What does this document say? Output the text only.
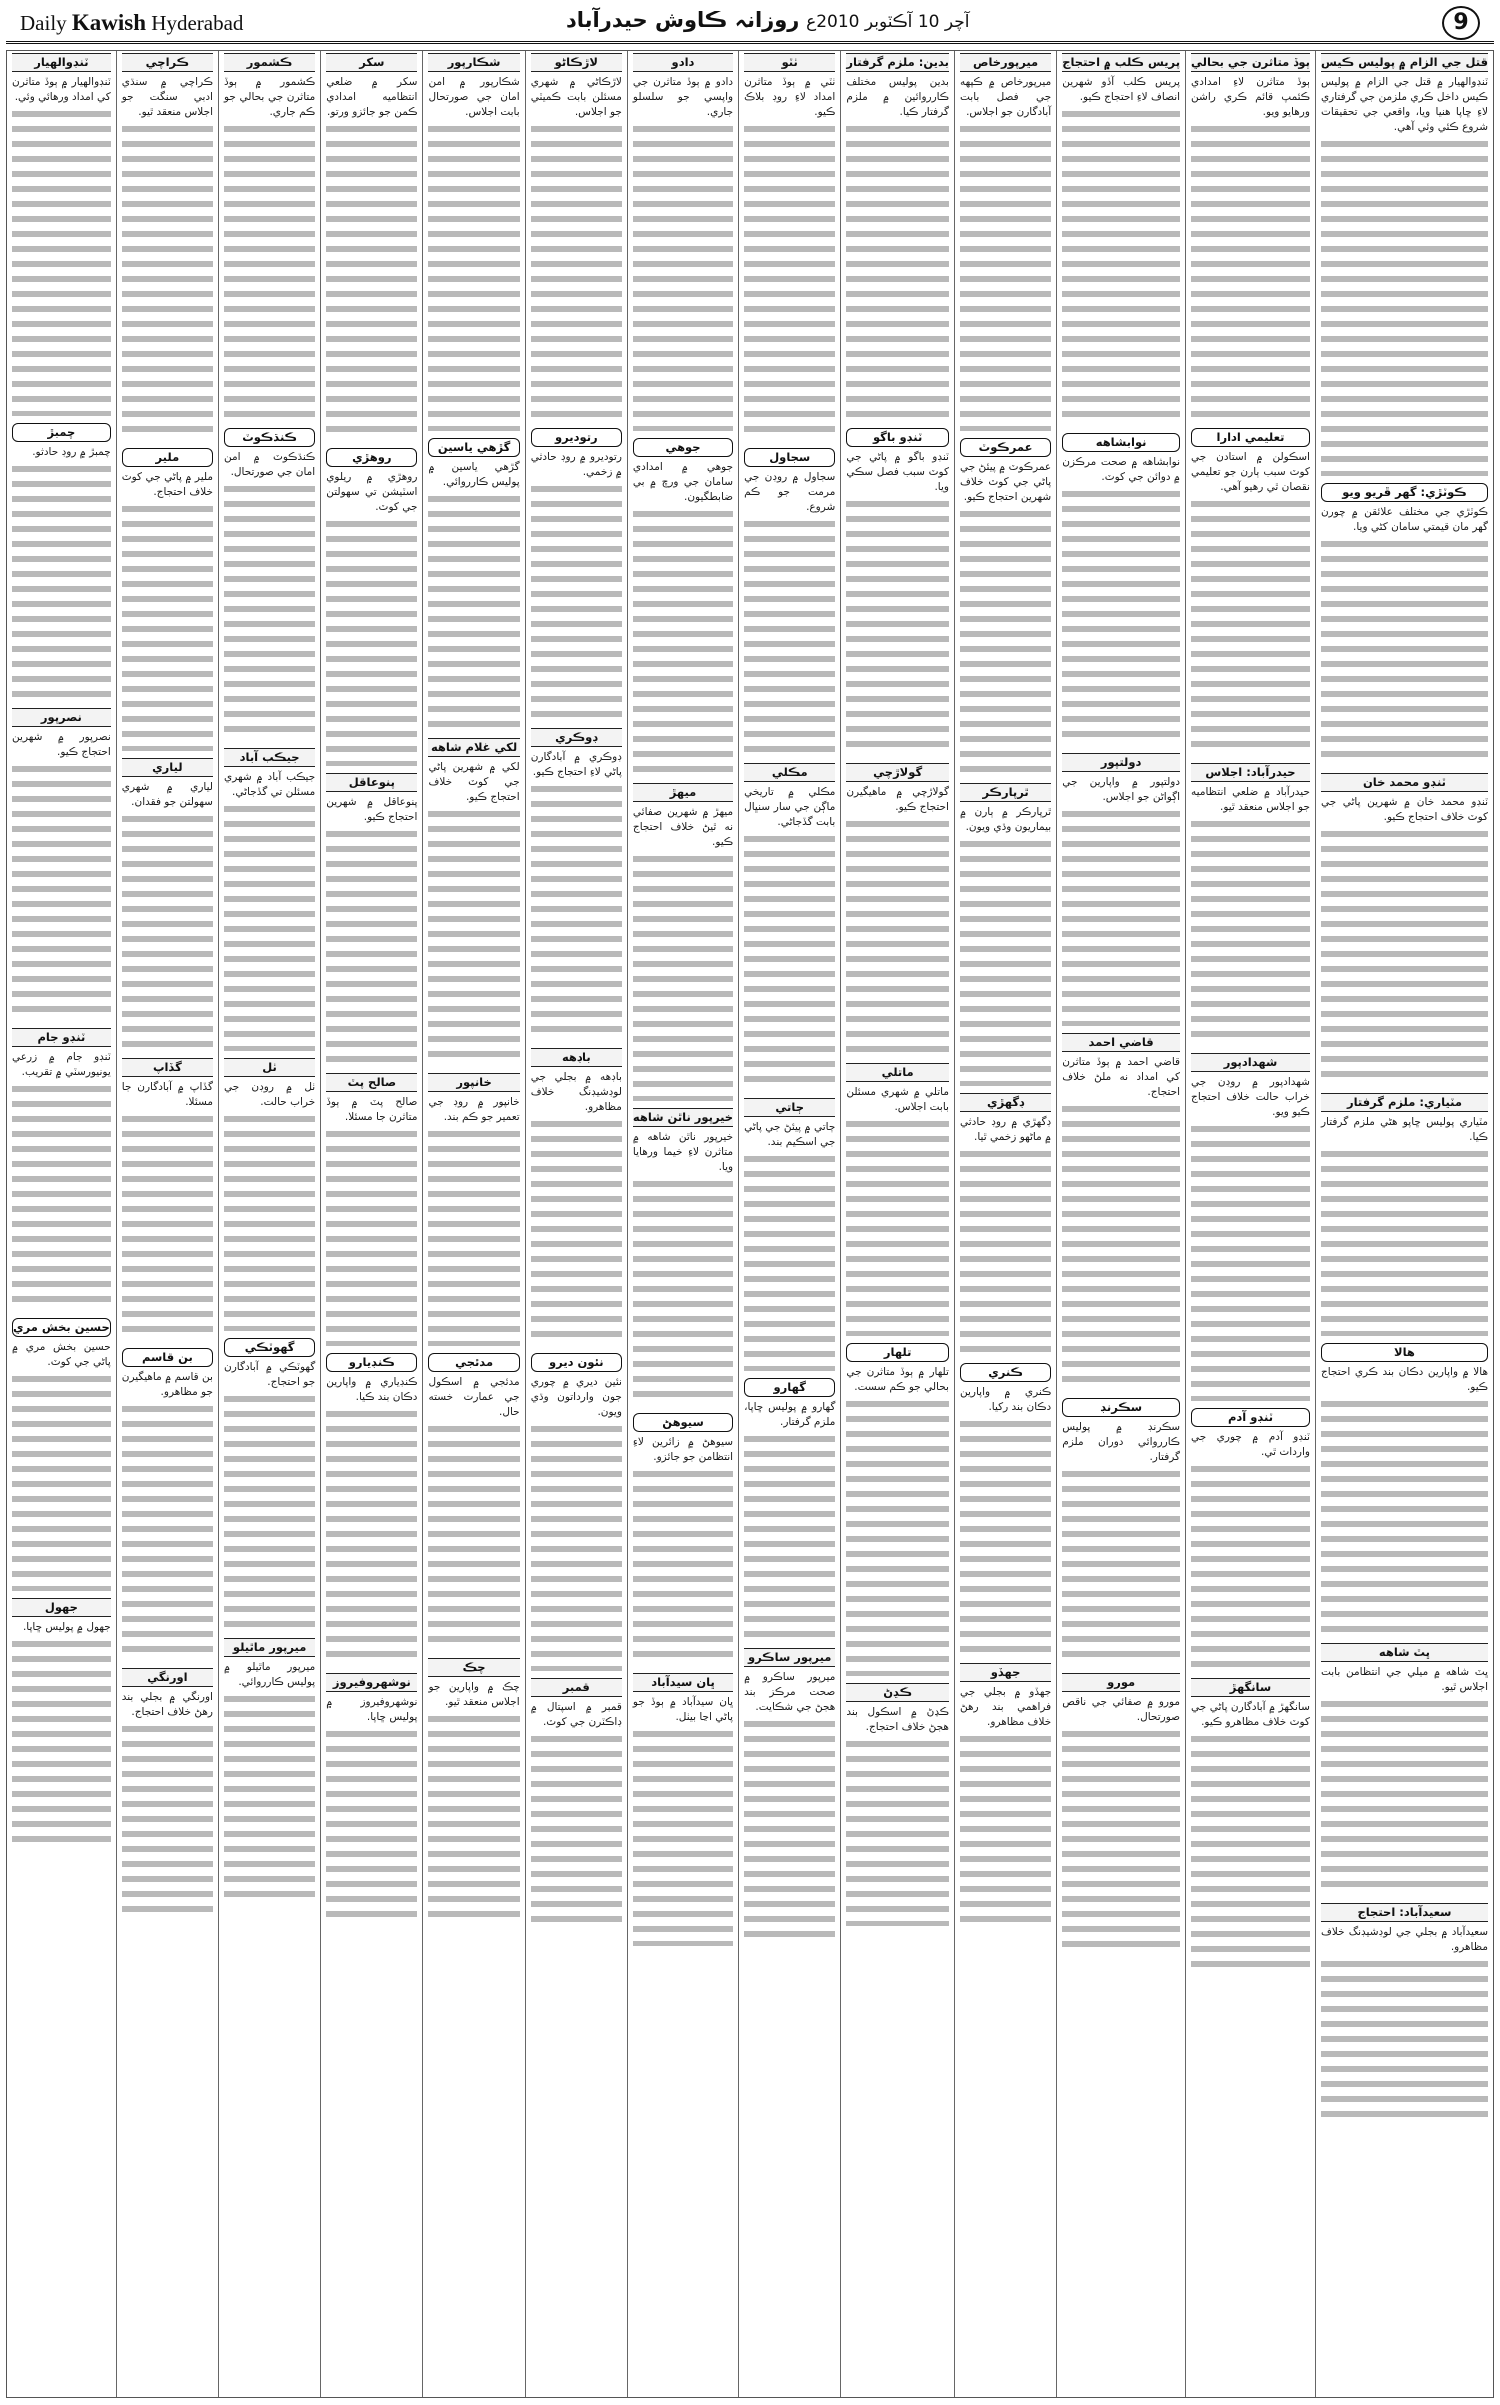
Daily Kawish Hyderabad	آچر 10 آڪٽوبر 2010ع روزانہ ڪاوش حيدرآباد	9
قتل جي الزام ۾ پوليس ڪيس
ٽنڊوالهيار ۾ قتل جي الزام ۾ پوليس ڪيس داخل ڪري ملزمن جي گرفتاري لاءِ ڇاپا هنيا ويا، واقعي جي تحقيقات شروع ڪئي وئي آهي.
ڪوٽڙي: گهر ڦريو ويو
ڪوٽڙي جي مختلف علائقن ۾ چورن گهر مان قيمتي سامان کڻي ويا.
ٽنڊو محمد خان
ٽنڊو محمد خان ۾ شهرين پاڻي جي کوٽ خلاف احتجاج ڪيو.
مٽياري: ملزم گرفتار
مٽياري پوليس ڇاپو هڻي ملزم گرفتار ڪيا.
هالا
هالا ۾ واپارين دڪان بند ڪري احتجاج ڪيو.
ڀٽ شاهه
ڀٽ شاهه ۾ ميلي جي انتظامن بابت اجلاس ٿيو.
سعيدآباد: احتجاج
سعيدآباد ۾ بجلي جي لوڊشيڊنگ خلاف مظاهرو.
ٻوڏ متاثرن جي بحالي
ٻوڏ متاثرن لاءِ امدادي ڪئمپ قائم ڪري راشن ورهايو ويو.
تعليمي ادارا
اسڪولن ۾ استادن جي کوٽ سبب ٻارن جو تعليمي نقصان ٿي رهيو آهي.
حيدرآباد: اجلاس
حيدرآباد ۾ ضلعي انتظاميه جو اجلاس منعقد ٿيو.
شهدادپور
شهدادپور ۾ روڊن جي خراب حالت خلاف احتجاج ڪيو ويو.
ٽنڊو آدم
ٽنڊو آدم ۾ چوري جي واردات ٿي.
سانگهڙ
سانگهڙ ۾ آبادگارن پاڻي جي کوٽ خلاف مظاهرو ڪيو.
پريس ڪلب ۾ احتجاج
پريس ڪلب آڏو شهرين انصاف لاءِ احتجاج ڪيو.
نوابشاهه
نوابشاهه ۾ صحت مرڪزن ۾ دوائن جي کوٽ.
دولتپور
دولتپور ۾ واپارين جي اڳواڻن جو اجلاس.
قاضي احمد
قاضي احمد ۾ ٻوڏ متاثرن کي امداد نه ملڻ خلاف احتجاج.
سڪرنڊ
سڪرنڊ ۾ پوليس ڪارروائي دوران ملزم گرفتار.
مورو
مورو ۾ صفائي جي ناقص صورتحال.
ميرپورخاص
ميرپورخاص ۾ ڪپهه جي فصل بابت آبادگارن جو اجلاس.
عمرڪوٽ
عمرڪوٽ ۾ پيئڻ جي پاڻي جي کوٽ خلاف شهرين احتجاج ڪيو.
ٿرپارڪر
ٿرپارڪر ۾ ٻارن ۾ بيماريون وڌي ويون.
ڊگهڙي
ڊگهڙي ۾ روڊ حادثي ۾ ماڻهو زخمي ٿيا.
ڪنري
ڪنري ۾ واپارين دڪان بند رکيا.
جھڏو
جھڏو ۾ بجلي جي فراهمي بند رهڻ خلاف مظاهرو.
بدين: ملزم گرفتار
بدين پوليس مختلف ڪارروائين ۾ ملزم گرفتار ڪيا.
ٽنڊو باگو
ٽنڊو باگو ۾ پاڻي جي کوٽ سبب فصل سڪي ويا.
گولاڙچي
گولاڙچي ۾ ماهيگيرن احتجاج ڪيو.
ماتلي
ماتلي ۾ شهري مسئلن بابت اجلاس.
تلهار
تلهار ۾ ٻوڏ متاثرن جي بحالي جو ڪم سست.
ڪڍڻ
ڪڍڻ ۾ اسڪول بند هجڻ خلاف احتجاج.
ٺٽو
ٺٽي ۾ ٻوڏ متاثرن امداد لاءِ روڊ بلاڪ ڪيو.
سجاول
سجاول ۾ روڊن جي مرمت جو ڪم شروع.
مڪلي
مڪلي ۾ تاريخي ماڳن جي سار سنڀال بابت گڏجاڻي.
ڄاتي
ڄاتي ۾ پيئڻ جي پاڻي جي اسڪيم بند.
گهارو
گهارو ۾ پوليس ڇاپا، ملزم گرفتار.
ميرپور ساڪرو
ميرپور ساڪرو ۾ صحت مرڪز بند هجڻ جي شڪايت.
دادو
دادو ۾ ٻوڏ متاثرن جي واپسي جو سلسلو جاري.
جوهي
جوهي ۾ امدادي سامان جي ورڇ ۾ بي ضابطگيون.
ميهڙ
ميهڙ ۾ شهرين صفائي نه ٿيڻ خلاف احتجاج ڪيو.
خيرپور ناٿن شاهه
خيرپور ناٿن شاهه ۾ متاثرن لاءِ خيما ورهايا ويا.
سيوهڻ
سيوهڻ ۾ زائرين لاءِ انتظامن جو جائزو.
ڀان سيدآباد
ڀان سيدآباد ۾ ٻوڏ جو پاڻي اڃا بيٺل.
لاڙڪاڻو
لاڙڪاڻي ۾ شهري مسئلن بابت ڪميٽي جو اجلاس.
رتوديرو
رتوديرو ۾ روڊ حادثي ۾ زخمي.
ڊوڪري
ڊوڪري ۾ آبادگارن پاڻي لاءِ احتجاج ڪيو.
باڊهه
باڊهه ۾ بجلي جي لوڊشيڊنگ خلاف مظاهرو.
نئون ديرو
نئين ديري ۾ چوري جون وارداتون وڌي ويون.
قمبر
قمبر ۾ اسپتال ۾ ڊاڪٽرن جي کوٽ.
شڪارپور
شڪارپور ۾ امن امان جي صورتحال بابت اجلاس.
گڙهي ياسين
گڙهي ياسين ۾ پوليس ڪارروائي.
لکي غلام شاهه
لکي ۾ شهرين پاڻي جي کوٽ خلاف احتجاج ڪيو.
خانپور
خانپور ۾ روڊ جي تعمير جو ڪم بند.
مدئجي
مدئجي ۾ اسڪول جي عمارت خسته حال.
چڪ
چڪ ۾ واپارين جو اجلاس منعقد ٿيو.
سکر
سکر ۾ ضلعي انتظاميه امدادي ڪمن جو جائزو ورتو.
روهڙي
روهڙي ۾ ريلوي اسٽيشن تي سهولتن جي کوٽ.
پنوعاقل
پنوعاقل ۾ شهرين احتجاج ڪيو.
صالح پٽ
صالح پٽ ۾ ٻوڏ متاثرن جا مسئلا.
ڪنڊيارو
ڪنڊياري ۾ واپارين دڪان بند ڪيا.
نوشهروفيروز
نوشهروفيروز ۾ پوليس ڇاپا.
ڪشمور
ڪشمور ۾ ٻوڏ متاثرن جي بحالي جو ڪم جاري.
ڪنڌڪوٽ
ڪنڌڪوٽ ۾ امن امان جي صورتحال.
جيڪب آباد
جيڪب آباد ۾ شهري مسئلن تي گڏجاڻي.
ٺل
ٺل ۾ روڊن جي خراب حالت.
گهوٽڪي
گهوٽڪي ۾ آبادگارن جو احتجاج.
ميرپور ماٿيلو
ميرپور ماٿيلو ۾ پوليس ڪارروائي.
ڪراچي
ڪراچي ۾ سنڌي ادبي سنگت جو اجلاس منعقد ٿيو.
ملير
ملير ۾ پاڻي جي کوٽ خلاف احتجاج.
لياري
لياري ۾ شهري سهولتن جو فقدان.
گڏاپ
گڏاپ ۾ آبادگارن جا مسئلا.
بن قاسم
بن قاسم ۾ ماهيگيرن جو مظاهرو.
اورنگي
اورنگي ۾ بجلي بند رهڻ خلاف احتجاج.
ٽنڊوالهيار
ٽنڊوالهيار ۾ ٻوڏ متاثرن کي امداد ورهائي وئي.
چمبڙ
چمبڙ ۾ روڊ حادثو.
نصرپور
نصرپور ۾ شهرين احتجاج ڪيو.
ٽنڊو جام
ٽنڊو جام ۾ زرعي يونيورسٽي ۾ تقريب.
حسين بخش مري
حسين بخش مري ۾ پاڻي جي کوٽ.
جهول
جهول ۾ پوليس ڇاپا.
